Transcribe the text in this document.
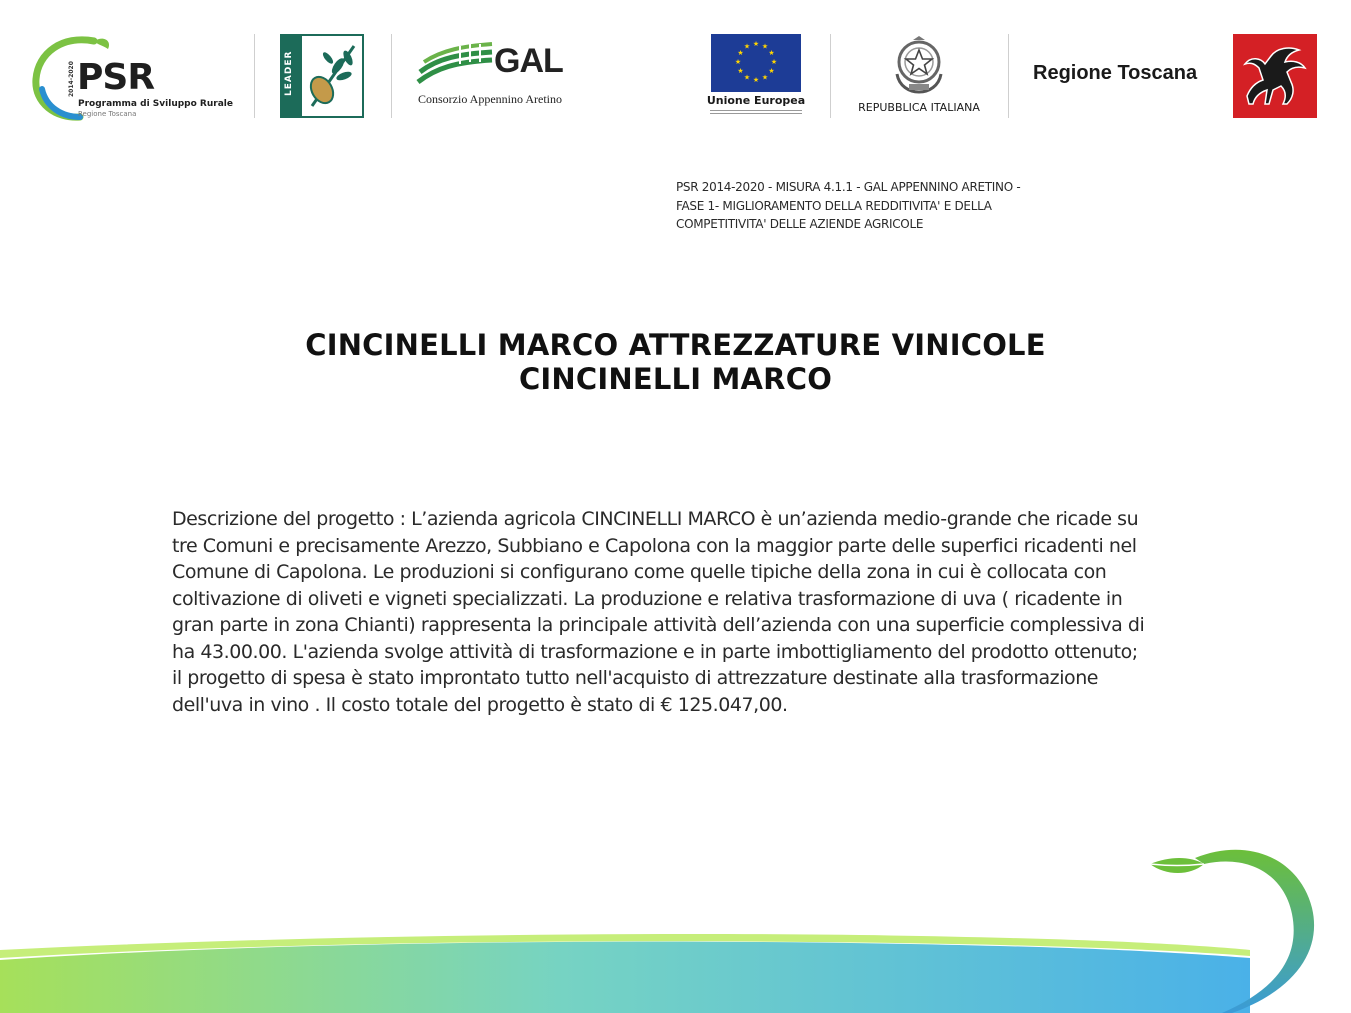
PSR
2014-2020
Programma di Sviluppo Rurale
Regione Toscana
LEADER	GAL
Consorzio Appennino Aretino
★ ★
★
★
★
★
★
★
★
★
★
★
Unione Europea
REPUBBLICA ITALIANA
Regione Toscana
PSR 2014-2020 - MISURA 4.1.1 - GAL APPENNINO ARETINO -
FASE 1- MIGLIORAMENTO DELLA REDDITIVITA' E DELLA
COMPETITIVITA' DELLE AZIENDE AGRICOLE
CINCINELLI MARCO ATTREZZATURE VINICOLE
CINCINELLI MARCO
Descrizione del progetto : L’azienda agricola CINCINELLI MARCO è un’azienda medio-grande che ricade su
tre Comuni e precisamente Arezzo, Subbiano e Capolona con la maggior parte delle superfici ricadenti nel
Comune di Capolona. Le produzioni si configurano come quelle tipiche della zona in cui è collocata con
coltivazione di oliveti e vigneti specializzati. La produzione e relativa trasformazione di uva ( ricadente in
gran parte in zona Chianti) rappresenta la principale attività dell’azienda con una superficie complessiva di
ha 43.00.00. L'azienda svolge attività di trasformazione e in parte imbottigliamento del prodotto ottenuto;
il progetto di spesa è stato improntato tutto nell'acquisto di attrezzature destinate alla trasformazione
dell'uva in vino . Il costo totale del progetto è stato di € 125.047,00.
